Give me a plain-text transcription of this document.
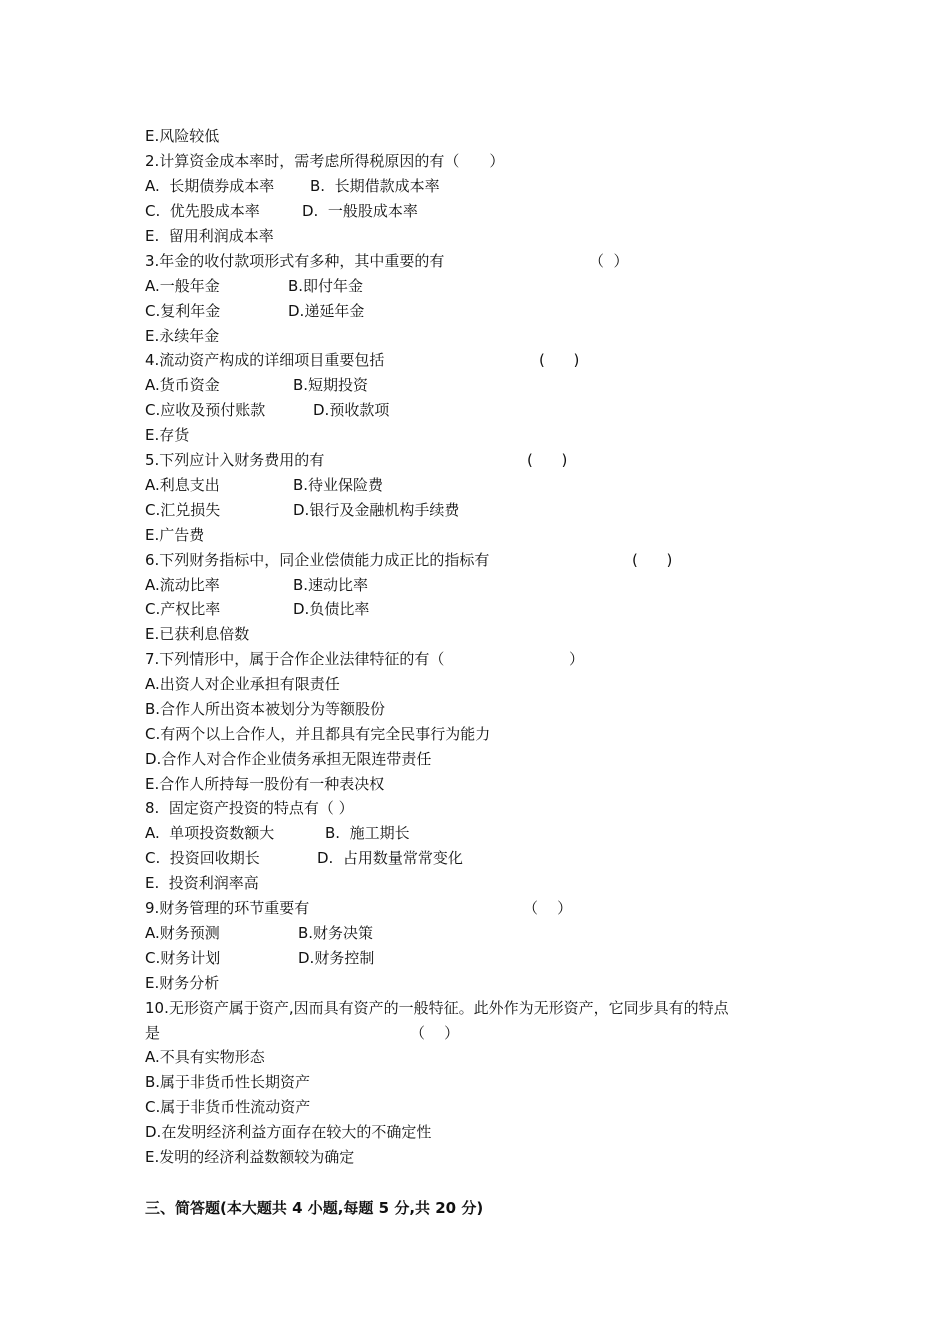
E.风险较低
2.计算资金成本率时，需考虑所得税原因的有（　　）
A.  长期债券成本率 B.  长期借款成本率
C.  优先股成本率	D.  一般股成本率
E.  留用利润成本率
3.年金的收付款项形式有多种，其中重要的有	（  ）
A.一般年金	B.即付年金
C.复利年金	D.递延年金
E.永续年金
4.流动资产构成的详细项目重要包括	(      )
A.货币资金	B.短期投资
C.应收及预付账款	D.预收款项
E.存货
5.下列应计入财务费用的有	(      )
A.利息支出	B.待业保险费
C.汇兑损失	D.银行及金融机构手续费
E.广告费
6.下列财务指标中，同企业偿债能力成正比的指标有	(      )
A.流动比率	B.速动比率
C.产权比率	D.负债比率
E.已获利息倍数
7.下列情形中，属于合作企业法律特征的有（	）
A.出资人对企业承担有限责任
B.合作人所出资本被划分为等额股份
C.有两个以上合作人，并且都具有完全民事行为能力
D.合作人对合作企业债务承担无限连带责任
E.合作人所持每一股份有一种表决权
8.  固定资产投资的特点有（ ）
A.  单项投资数额大	B.  施工期长
C.  投资回收期长	D.  占用数量常常变化
E.  投资利润率高
9.财务管理的环节重要有	（    ）
A.财务预测	B.财务决策
C.财务计划	D.财务控制
E.财务分析
10.无形资产属于资产,因而具有资产的一般特征。此外作为无形资产，它同步具有的特点
是	（    ）
A.不具有实物形态
B.属于非货币性长期资产
C.属于非货币性流动资产
D.在发明经济利益方面存在较大的不确定性
E.发明的经济利益数额较为确定
三、简答题(本大题共 4 小题,每题 5 分,共 20 分)
